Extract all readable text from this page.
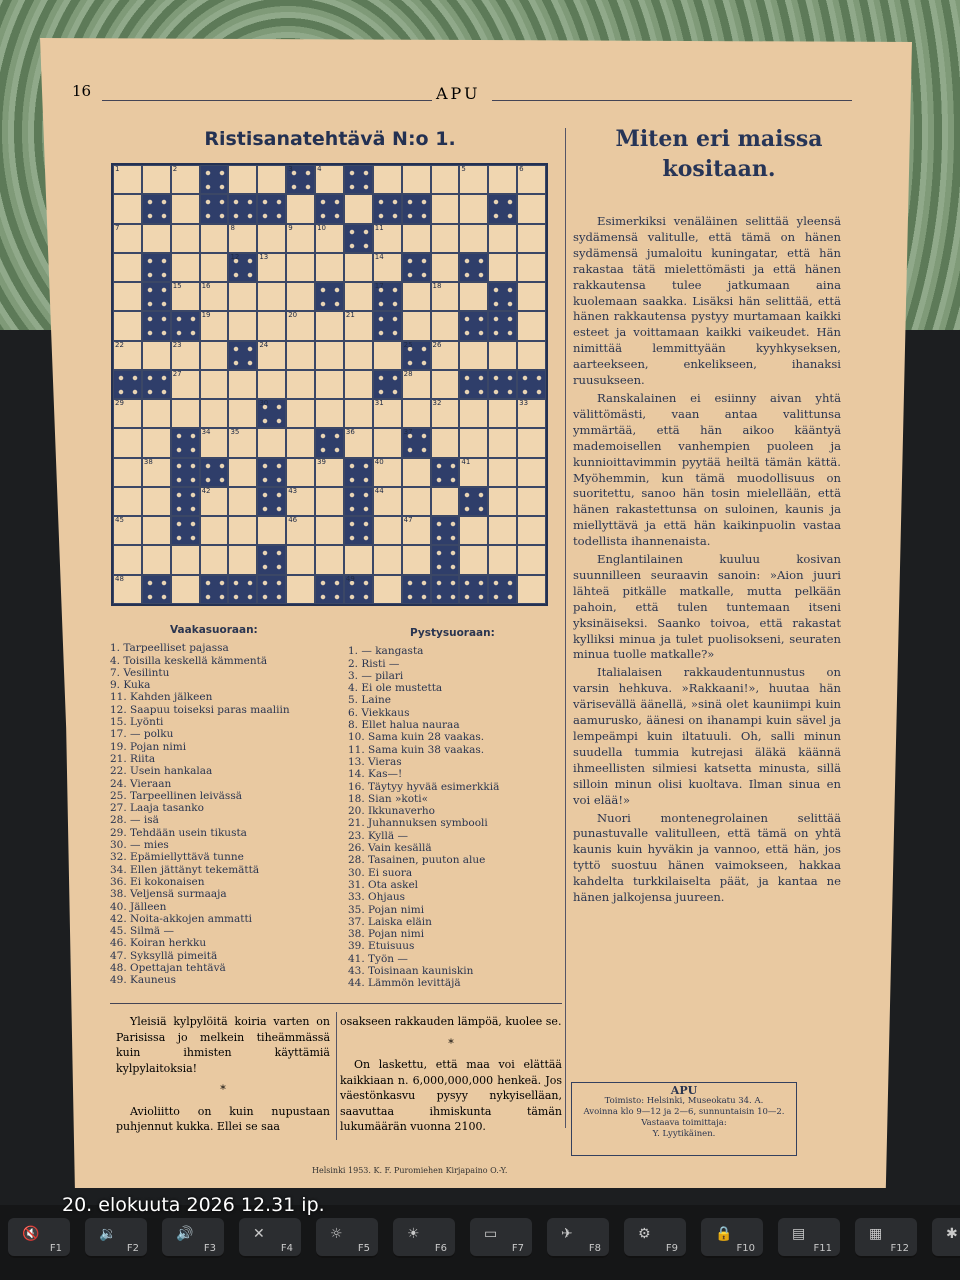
🔇
F1
🔉
F2
🔊
F3
✕
F4
☼
F5
☀
F6
▭
F7
✈
F8
⚙
F9
🔒
F10
▤
F11
▦
F12
✱
16	APU
Ristisanatehtävä N:o 1.
1	2	3	4	5	6
7	8	9	10	11
12	13	14
15	16	17	18
19	20	21
22	23	24	25	26
27	28
29	30	31	32	33
34	35	36	37
38	39	40	41
42	43	44
45	46	47
48	49
Vaakasuoraan:
1. Tarpeelliset pajassa
4. Toisilla keskellä kämmentä
7. Vesilintu
9. Kuka
11. Kahden jälkeen
12. Saapuu toiseksi paras maaliin
15. Lyönti
17. — polku
19. Pojan nimi
21. Riita
22. Usein hankalaa
24. Vieraan
25. Tarpeellinen leivässä
27. Laaja tasanko
28. — isä
29. Tehdään usein tikusta
30. — mies
32. Epämiellyttävä tunne
34. Ellen jättänyt tekemättä
36. Ei kokonaisen
38. Veljensä surmaaja
40. Jälleen
42. Noita-akkojen ammatti
45. Silmä —
46. Koiran herkku
47. Syksyllä pimeitä
48. Opettajan tehtävä
49. Kauneus
Pystysuoraan:
1. — kangasta
2. Risti —
3. — pilari
4. Ei ole mustetta
5. Laine
6. Viekkaus
8. Ellet halua nauraa
10. Sama kuin 28 vaakas.
11. Sama kuin 38 vaakas.
13. Vieras
14. Kas—!
16. Täytyy hyvää esimerkkiä
18. Sian »koti«
20. Ikkunaverho
21. Juhannuksen symbooli
23. Kyllä —
26. Vain kesällä
28. Tasainen, puuton alue
30. Ei suora
31. Ota askel
33. Ohjaus
35. Pojan nimi
37. Laiska eläin
38. Pojan nimi
39. Etuisuus
41. Työn —
43. Toisinaan kauniskin
44. Lämmön levittäjä
Yleisiä kylpylöitä koiria varten on Parisissa jo melkein tiheämmässä kuin ihmisten käyttämiä kylpylaitoksia!
*
Avioliitto on kuin nupustaan puhjennut kukka. Ellei se saa
osakseen rakkauden lämpöä, kuolee se.
*
On laskettu, että maa voi elättää kaikkiaan n. 6,000,000,000 henkeä. Jos väestönkasvu pysyy nykyiselläan, saavuttaa ihmiskunta tämän lukumäärän vuonna 2100.
Miten eri maissa
kositaan.

Esimerkiksi venäläinen selittää yleensä sydämensä valitulle, että tämä on hänen sydämensä jumaloitu kuningatar, että hän rakastaa tätä mielettömästi ja että hänen rakkautensa tulee jatkumaan aina kuolemaan saakka. Lisäksi hän selittää, että hänen rakkautensa pystyy murtamaan kaikki esteet ja voittamaan kaikki vaikeudet. Hän nimittää lemmittyään kyyhkyseksen, aarteekseen, enkelikseen, ihanaksi ruusukseen.

Ranskalainen ei esiinny aivan yhtä välittömästi, vaan antaa valittunsa ymmärtää, että hän aikoo kääntyä mademoisellen vanhempien puoleen ja kunnioittavimmin pyytää heiltä tämän kättä. Myöhemmin, kun tämä muodollisuus on suoritettu, sanoo hän tosin mielellään, että hänen rakastettunsa on suloinen, kaunis ja miellyttävä ja että hän kaikinpuolin vastaa todellista ihannenaista.

Englantilainen kuuluu kosivan suunnilleen seuraavin sanoin: »Aion juuri lähteä pitkälle matkalle, mutta pelkään pahoin, että tulen tuntemaan itseni yksinäiseksi. Saanko toivoa, että rakastat kylliksi minua ja tulet puolisokseni, seuraten minua tuolle matkalle?»

Italialaisen rakkaudentunnustus on varsin hehkuva. »Rakkaani!», huutaa hän värisevällä äänellä, »sinä olet kauniimpi kuin aamurusko, äänesi on ihanampi kuin sävel ja lempeämpi kuin iltatuuli. Oh, salli minun suudella tummia kutrejasi äläkä käännä ihmeellisten silmiesi katsetta minusta, sillä silloin minun olisi kuoltava. Ilman sinua en voi elää!»

Nuori montenegrolainen selittää punastuvalle valitulleen, että tämä on yhtä kaunis kuin hyväkin ja vannoo, että hän, jos tyttö suostuu hänen vaimokseen, hakkaa kahdelta turkkilaiselta päät, ja kantaa ne hänen jalkojensa juureen.

APU
Toimisto: Helsinki, Museokatu 34. A.
Avoinna klo 9—12 ja 2—6, sunnuntaisin 10—2.
Vastaava toimittaja:
Y. Lyytikäinen.
Helsinki 1953. K. F. Puromiehen Kirjapaino O.-Y.
20. elokuuta 2026 12.31 ip.
